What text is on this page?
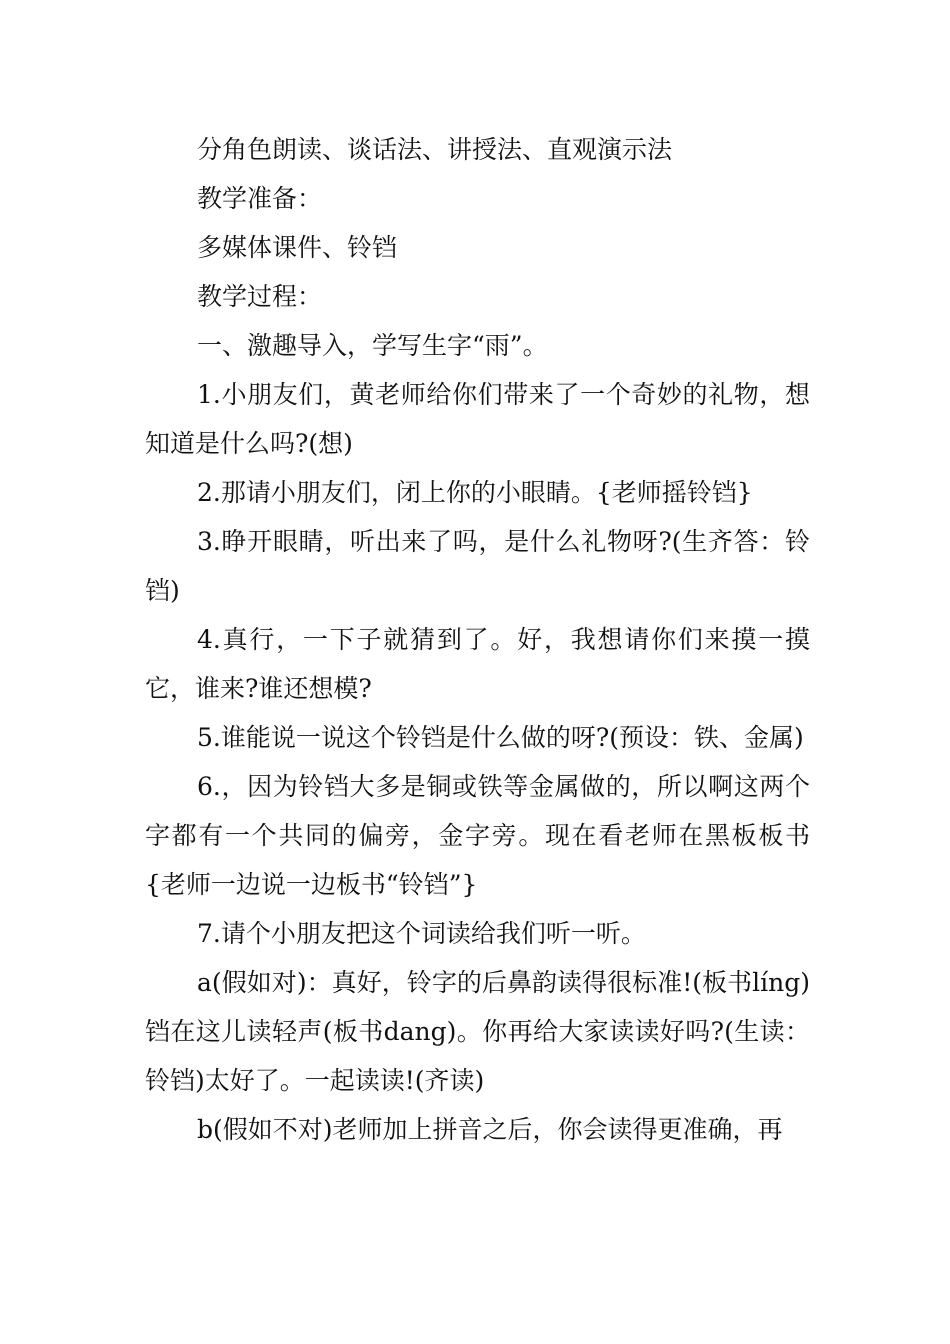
分角色朗读、谈话法、讲授法、直观演示法

教学准备：

多媒体课件、铃铛

教学过程：

一、激趣导入，学写生字“雨”。

1.小朋友们，黄老师给你们带来了一个奇妙的礼物，想知道是什么吗?(想)

2.那请小朋友们，闭上你的小眼睛。{老师摇铃铛}

3.睁开眼睛，听出来了吗，是什么礼物呀?(生齐答：铃铛)

4.真行，一下子就猜到了。好，我想请你们来摸一摸它，谁来?谁还想模?

5.谁能说一说这个铃铛是什么做的呀?(预设：铁、金属)

6.，因为铃铛大多是铜或铁等金属做的，所以啊这两个字都有一个共同的偏旁，金字旁。现在看老师在黑板板书{老师一边说一边板书“铃铛”}

7.请个小朋友把这个词读给我们听一听。

a(假如对)：真好，铃字的后鼻韵读得很标准!(板书líng)铛在这儿读轻声(板书dang)。你再给大家读读好吗?(生读：铃铛)太好了。一起读读!(齐读)

b(假如不对)老师加上拼音之后，你会读得更准确，再
